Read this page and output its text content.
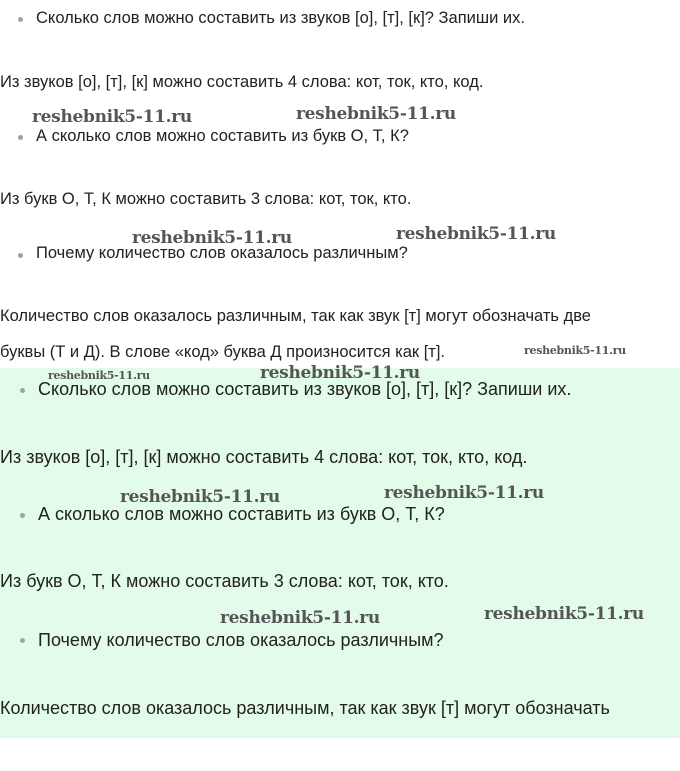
Сколько слов можно составить из звуков [о], [т], [к]? Запиши их.

Из звуков [о], [т], [к] можно составить 4 слова: кот, ток, кто, код.

А сколько слов можно составить из букв О, Т, К?

Из букв О, Т, К можно составить 3 слова: кот, ток, кто.

Почему количество слов оказалось различным?

Количество слов оказалось различным, так как звук [т] могут обозначать две

буквы (Т и Д). В слове «код» буква Д произносится как [т].

reshebnik5-11.ru	reshebnik5-11.ru
reshebnik5-11.ru	reshebnik5-11.ru
reshebnik5-11.ru

Сколько слов можно составить из звуков [о], [т], [к]? Запиши их.

Из звуков [о], [т], [к] можно составить 4 слова: кот, ток, кто, код.

А сколько слов можно составить из букв О, Т, К?

Из букв О, Т, К можно составить 3 слова: кот, ток, кто.

Почему количество слов оказалось различным?

Количество слов оказалось различным, так как звук [т] могут обозначать

reshebnik5-11.ru	reshebnik5-11.ru
reshebnik5-11.ru	reshebnik5-11.ru
reshebnik5-11.ru	reshebnik5-11.ru
